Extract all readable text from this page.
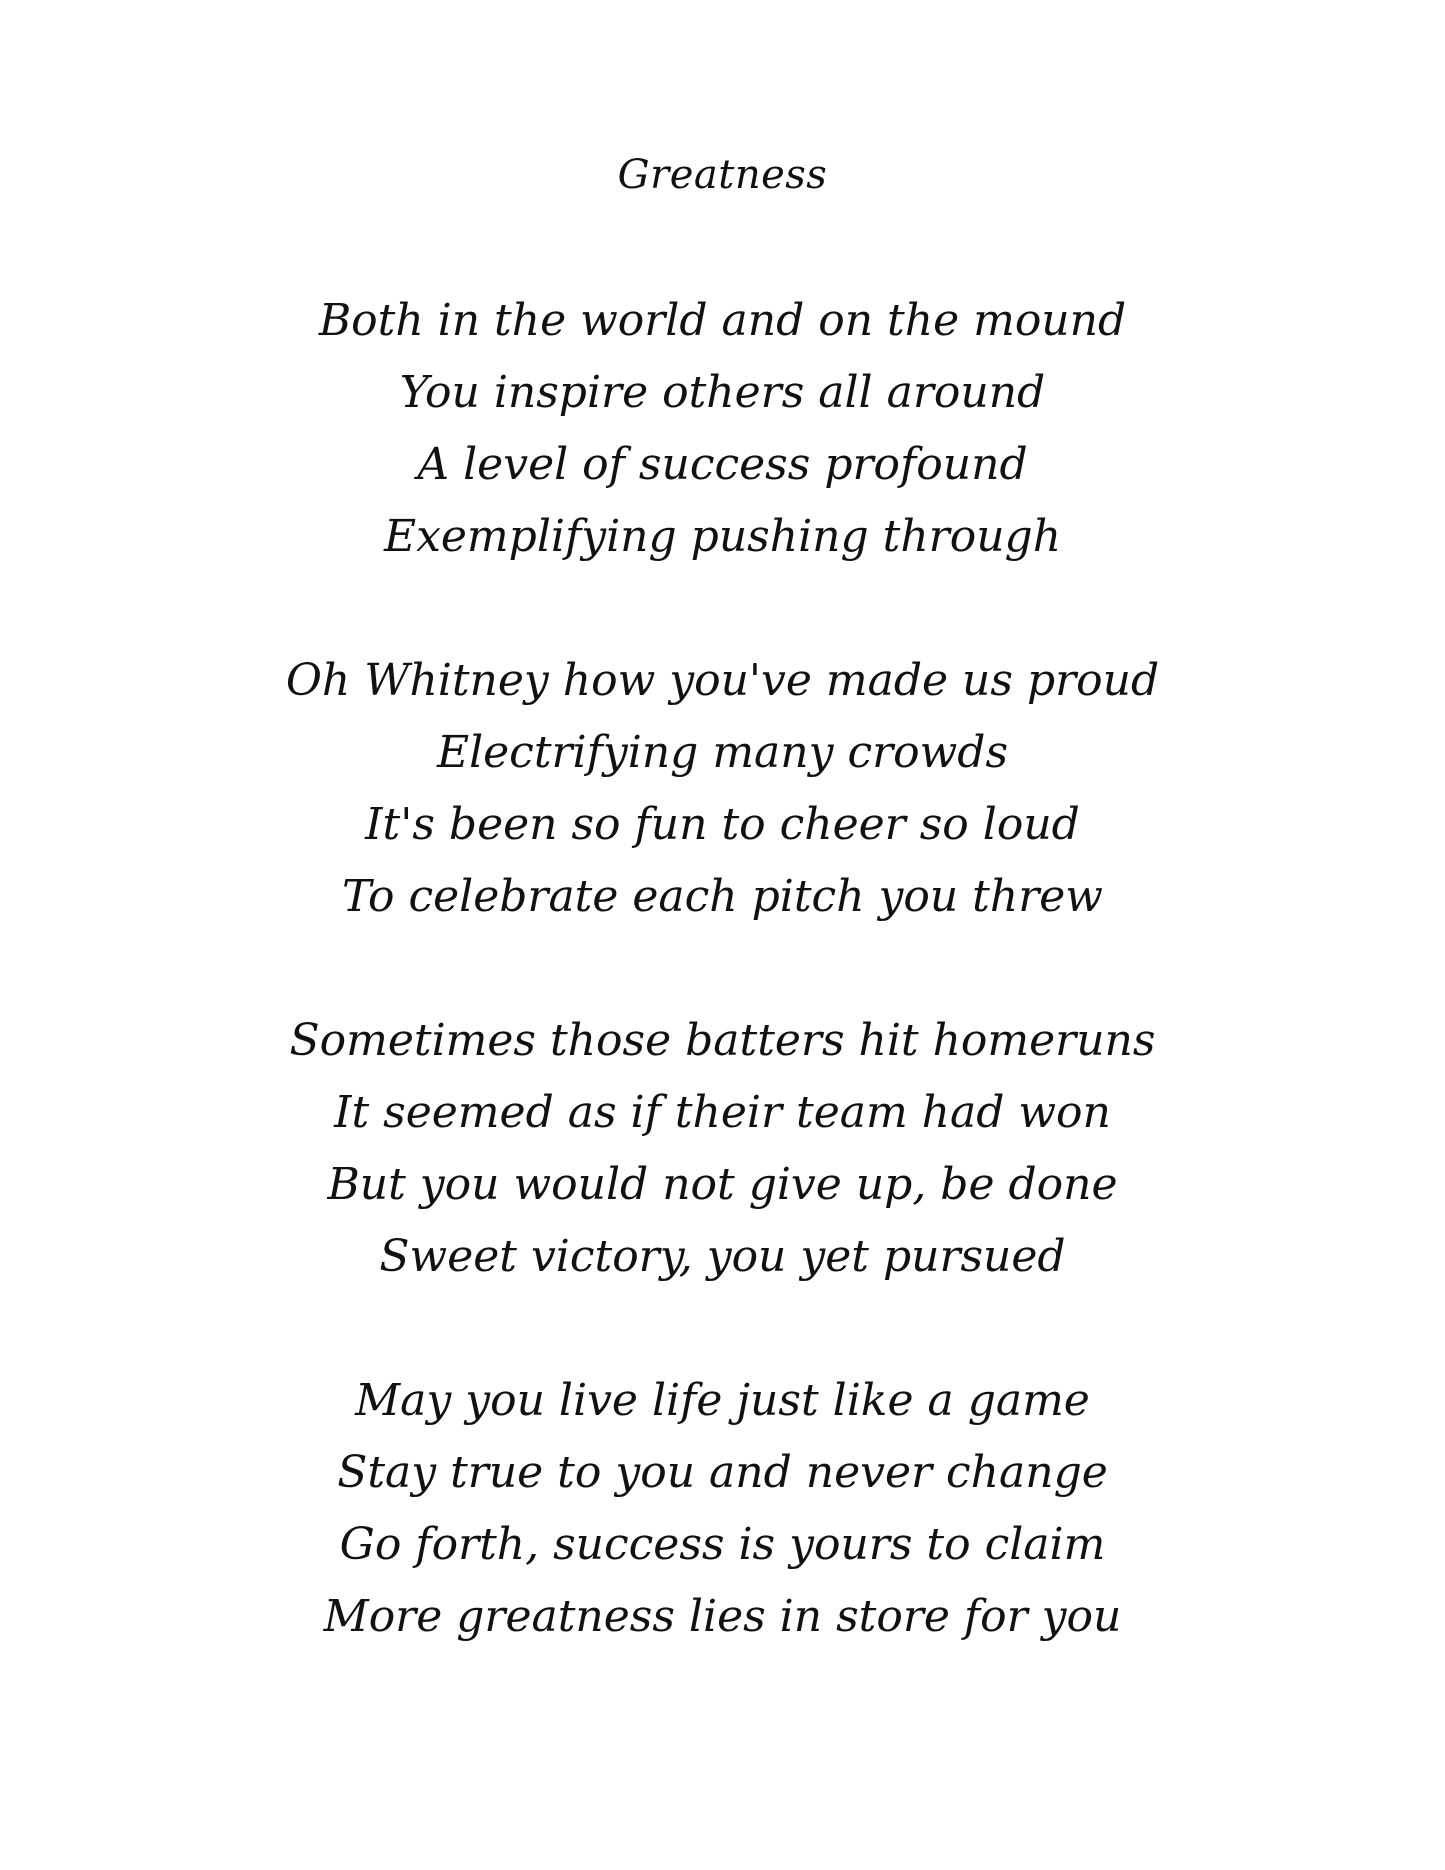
Greatness
Both in the world and on the mound
You inspire others all around
A level of success profound
Exemplifying pushing through
Oh Whitney how you've made us proud
Electrifying many crowds
It's been so fun to cheer so loud
To celebrate each pitch you threw
Sometimes those batters hit homeruns
It seemed as if their team had won
But you would not give up, be done
Sweet victory, you yet pursued
May you live life just like a game
Stay true to you and never change
Go forth, success is yours to claim
More greatness lies in store for you
